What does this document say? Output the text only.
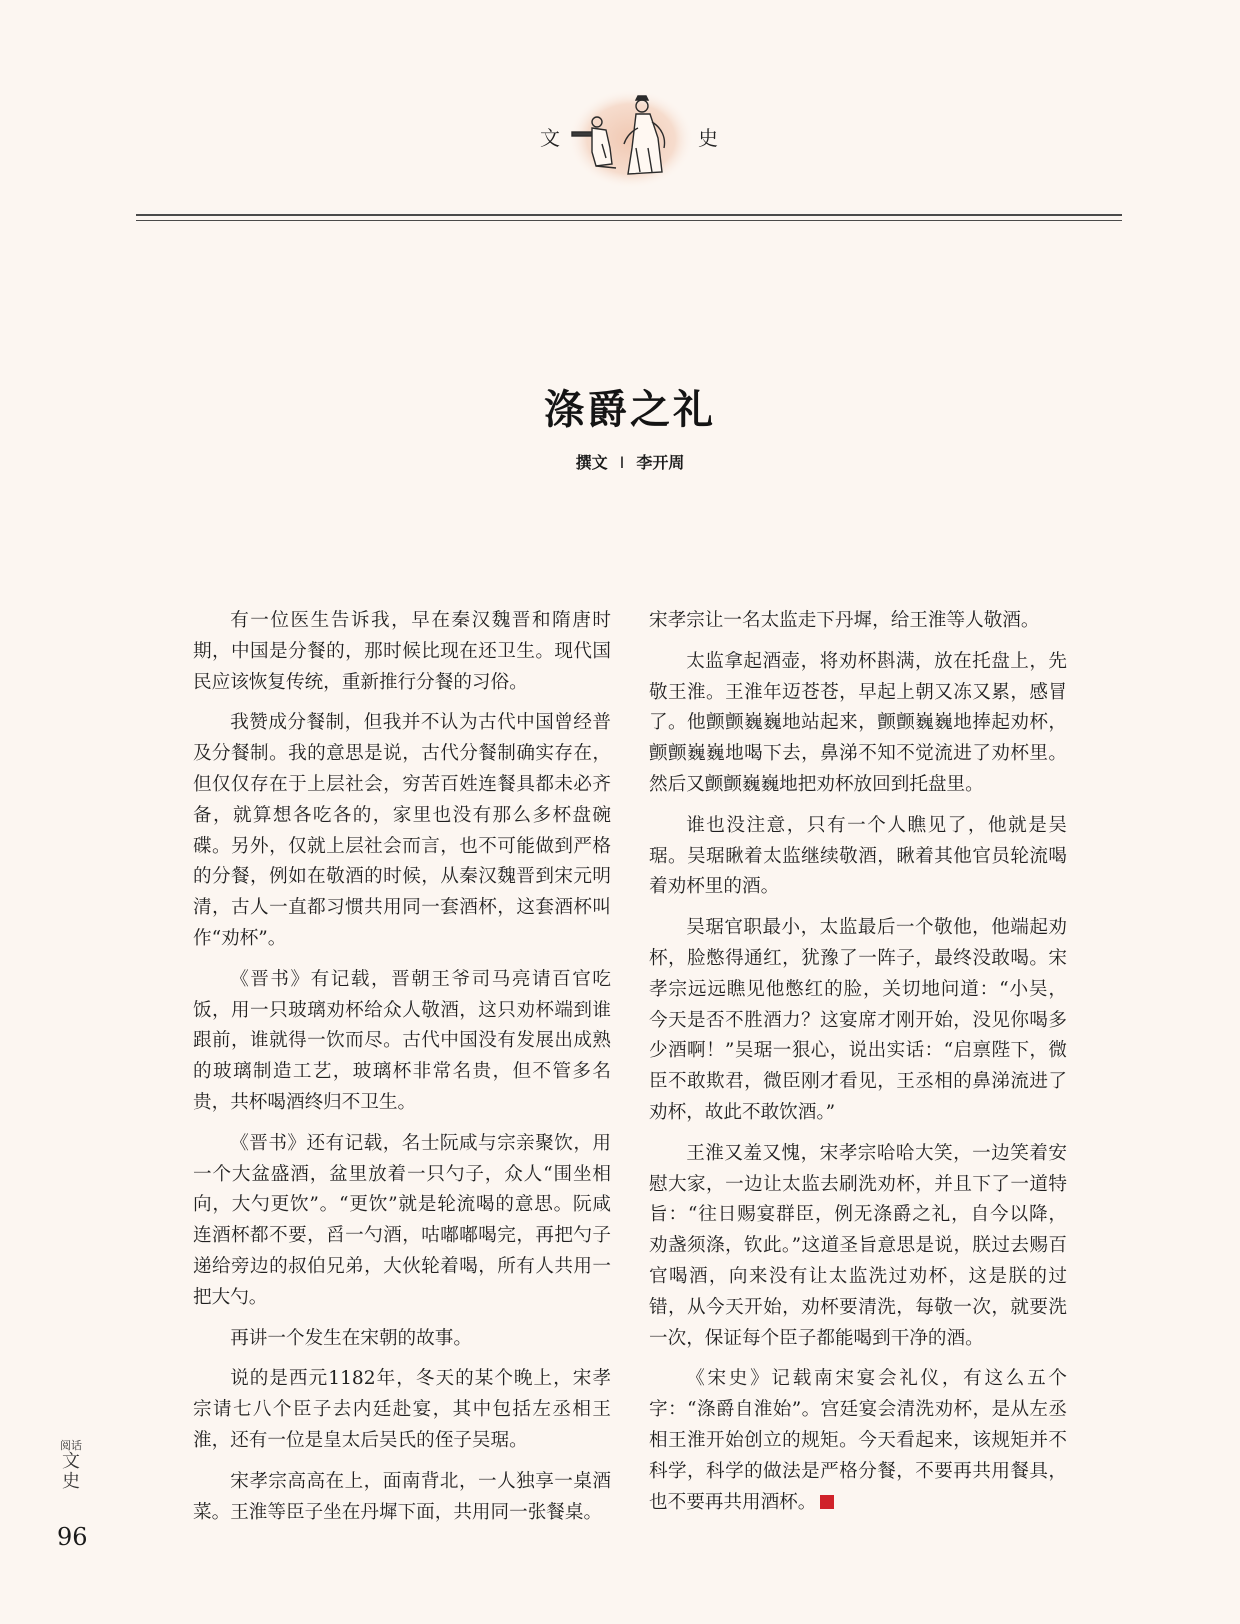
文	史
涤爵之礼
撰文 I 李开周

有一位医生告诉我，早在秦汉魏晋和隋唐时期，中国是分餐的，那时候比现在还卫生。现代国民应该恢复传统，重新推行分餐的习俗。

我赞成分餐制，但我并不认为古代中国曾经普及分餐制。我的意思是说，古代分餐制确实存在，但仅仅存在于上层社会，穷苦百姓连餐具都未必齐备，就算想各吃各的，家里也没有那么多杯盘碗碟。另外，仅就上层社会而言，也不可能做到严格的分餐，例如在敬酒的时候，从秦汉魏晋到宋元明清，古人一直都习惯共用同一套酒杯，这套酒杯叫作“劝杯”。

《晋书》有记载，晋朝王爷司马亮请百官吃饭，用一只玻璃劝杯给众人敬酒，这只劝杯端到谁跟前，谁就得一饮而尽。古代中国没有发展出成熟的玻璃制造工艺，玻璃杯非常名贵，但不管多名贵，共杯喝酒终归不卫生。

《晋书》还有记载，名士阮咸与宗亲聚饮，用一个大盆盛酒，盆里放着一只勺子，众人“围坐相向，大勺更饮”。“更饮”就是轮流喝的意思。阮咸连酒杯都不要，舀一勺酒，咕嘟嘟喝完，再把勺子递给旁边的叔伯兄弟，大伙轮着喝，所有人共用一把大勺。

再讲一个发生在宋朝的故事。

说的是西元1182年，冬天的某个晚上，宋孝宗请七八个臣子去内廷赴宴，其中包括左丞相王淮，还有一位是皇太后吴氏的侄子吴琚。

宋孝宗高高在上，面南背北，一人独享一桌酒菜。王淮等臣子坐在丹墀下面，共用同一张餐桌。

宋孝宗让一名太监走下丹墀，给王淮等人敬酒。

太监拿起酒壶，将劝杯斟满，放在托盘上，先敬王淮。王淮年迈苍苍，早起上朝又冻又累，感冒了。他颤颤巍巍地站起来，颤颤巍巍地捧起劝杯，颤颤巍巍地喝下去，鼻涕不知不觉流进了劝杯里。然后又颤颤巍巍地把劝杯放回到托盘里。

谁也没注意，只有一个人瞧见了，他就是吴琚。吴琚瞅着太监继续敬酒，瞅着其他官员轮流喝着劝杯里的酒。

吴琚官职最小，太监最后一个敬他，他端起劝杯，脸憋得通红，犹豫了一阵子，最终没敢喝。宋孝宗远远瞧见他憋红的脸，关切地问道：“小吴，今天是否不胜酒力？这宴席才刚开始，没见你喝多少酒啊！”吴琚一狠心，说出实话：“启禀陛下，微臣不敢欺君，微臣刚才看见，王丞相的鼻涕流进了劝杯，故此不敢饮酒。”

王淮又羞又愧，宋孝宗哈哈大笑，一边笑着安慰大家，一边让太监去刷洗劝杯，并且下了一道特旨：“往日赐宴群臣，例无涤爵之礼，自今以降，劝盏须涤，钦此。”这道圣旨意思是说，朕过去赐百官喝酒，向来没有让太监洗过劝杯，这是朕的过错，从今天开始，劝杯要清洗，每敬一次，就要洗一次，保证每个臣子都能喝到干净的酒。

《宋史》记载南宋宴会礼仪，有这么五个字：“涤爵自淮始”。宫廷宴会清洗劝杯，是从左丞相王淮开始创立的规矩。今天看起来，该规矩并不科学，科学的做法是严格分餐，不要再共用餐具，也不要再共用酒杯。

阅话
文史
96
